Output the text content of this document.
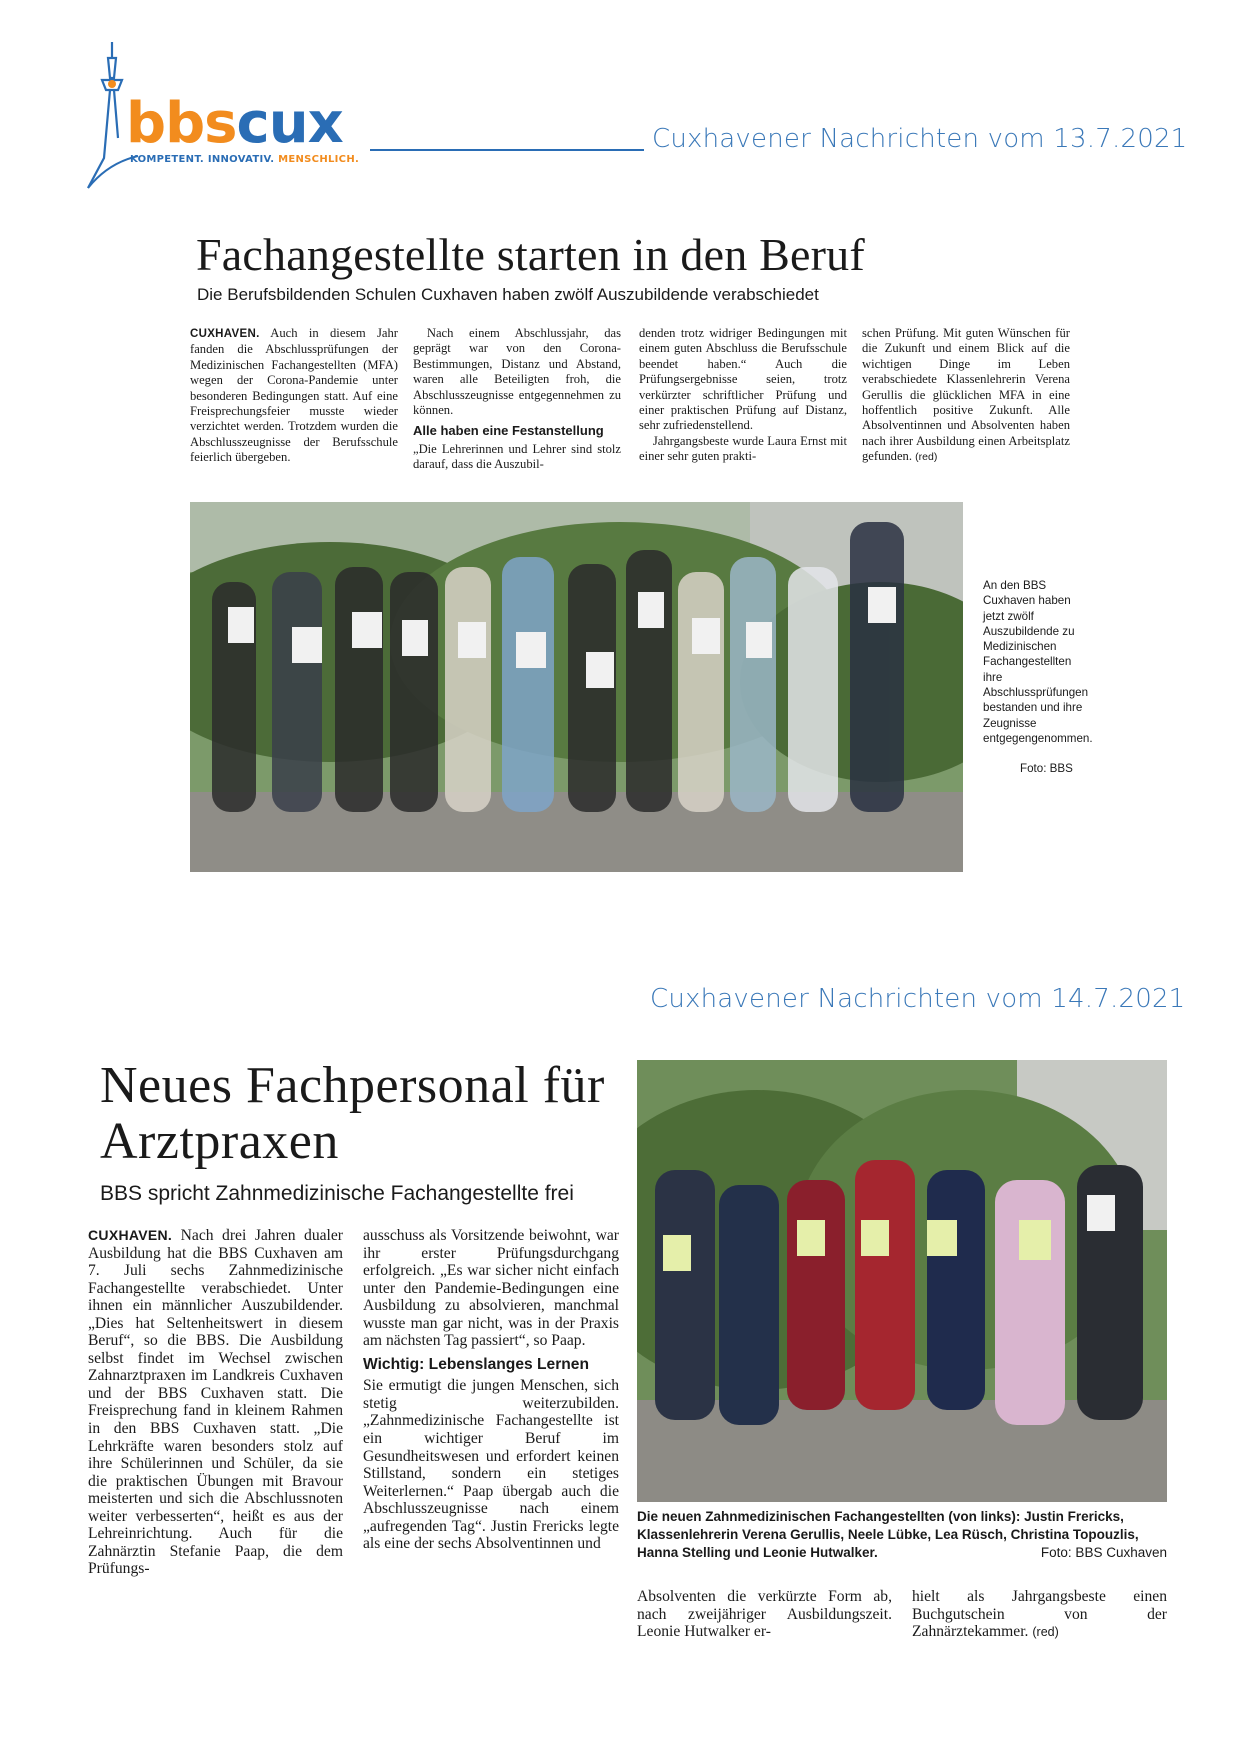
bbscux
KOMPETENT. INNOVATIV. MENSCHLICH.
Cuxhavener Nachrichten vom 13.7.2021
Fachangestellte starten in den Beruf
Die Berufsbildenden Schulen Cuxhaven haben zwölf Auszubildende verabschiedet

CUXHAVEN. Auch in diesem Jahr fanden die Abschlussprüfungen der Medizinischen Fachangestellten (MFA) wegen der Corona-Pandemie unter besonderen Bedingungen statt. Auf eine Freisprechungsfeier musste wieder verzichtet werden. Trotzdem wurden die Abschlusszeugnisse der Berufsschule feierlich übergeben.

Nach einem Abschlussjahr, das geprägt war von den Corona-Bestimmungen, Distanz und Abstand, waren alle Beteiligten froh, die Abschlusszeugnisse entgegennehmen zu können.

Alle haben eine Festanstellung

„Die Lehrerinnen und Lehrer sind stolz darauf, dass die Auszubil-

denden trotz widriger Bedingungen mit einem guten Abschluss die Berufsschule beendet haben.“ Auch die Prüfungsergebnisse seien, trotz verkürzter schriftlicher Prüfung und einer praktischen Prüfung auf Distanz, sehr zufriedenstellend.

Jahrgangsbeste wurde Laura Ernst mit einer sehr guten prakti-

schen Prüfung. Mit guten Wünschen für die Zukunft und einem Blick auf die wichtigen Dinge im Leben verabschiedete Klassenlehrerin Verena Gerullis die glücklichen MFA in eine hoffentlich positive Zukunft. Alle Absolventinnen und Absolventen haben nach ihrer Ausbildung einen Arbeitsplatz gefunden. (red)

An den BBS Cuxhaven haben jetzt zwölf Auszubildende zu Medizinischen Fachangestellten ihre Abschlussprüfungen bestanden und ihre Zeugnisse entgegengenommen.
Foto: BBS
Cuxhavener Nachrichten vom 14.7.2021
Neues Fachpersonal für Arztpraxen
BBS spricht Zahnmedizinische Fachangestellte frei

CUXHAVEN. Nach drei Jahren dualer Ausbildung hat die BBS Cuxhaven am 7. Juli sechs Zahnmedizinische Fachangestellte verabschiedet. Unter ihnen ein männlicher Auszubildender. „Dies hat Seltenheitswert in diesem Beruf“, so die BBS. Die Ausbildung selbst findet im Wechsel zwischen Zahnarztpraxen im Landkreis Cuxhaven und der BBS Cuxhaven statt. Die Freisprechung fand in kleinem Rahmen in den BBS Cuxhaven statt. „Die Lehrkräfte waren besonders stolz auf ihre Schülerinnen und Schüler, da sie die praktischen Übungen mit Bravour meisterten und sich die Abschlussnoten weiter verbesserten“, heißt es aus der Lehreinrichtung. Auch für die Zahnärztin Stefanie Paap, die dem Prüfungs-

ausschuss als Vorsitzende beiwohnt, war ihr erster Prüfungsdurchgang erfolgreich. „Es war sicher nicht einfach unter den Pandemie-Bedingungen eine Ausbildung zu absolvieren, manchmal wusste man gar nicht, was in der Praxis am nächsten Tag passiert“, so Paap.

Wichtig: Lebenslanges Lernen

Sie ermutigt die jungen Menschen, sich stetig weiterzubilden. „Zahnmedizinische Fachangestellte ist ein wichtiger Beruf im Gesundheitswesen und erfordert keinen Stillstand, sondern ein stetiges Weiterlernen.“ Paap übergab auch die Abschlusszeugnisse nach einem „aufregenden Tag“. Justin Frericks legte als eine der sechs Absolventinnen und

Die neuen Zahnmedizinischen Fachangestellten (von links): Justin Frericks, Klassenlehrerin Verena Gerullis, Neele Lübke, Lea Rüsch, Christina Topouzlis, Hanna Stelling und Leonie Hutwalker.	Foto: BBS Cuxhaven

Absolventen die verkürzte Form ab, nach zweijähriger Ausbildungszeit. Leonie Hutwalker er-

hielt als Jahrgangsbeste einen Buchgutschein von der Zahnärztekammer. (red)
